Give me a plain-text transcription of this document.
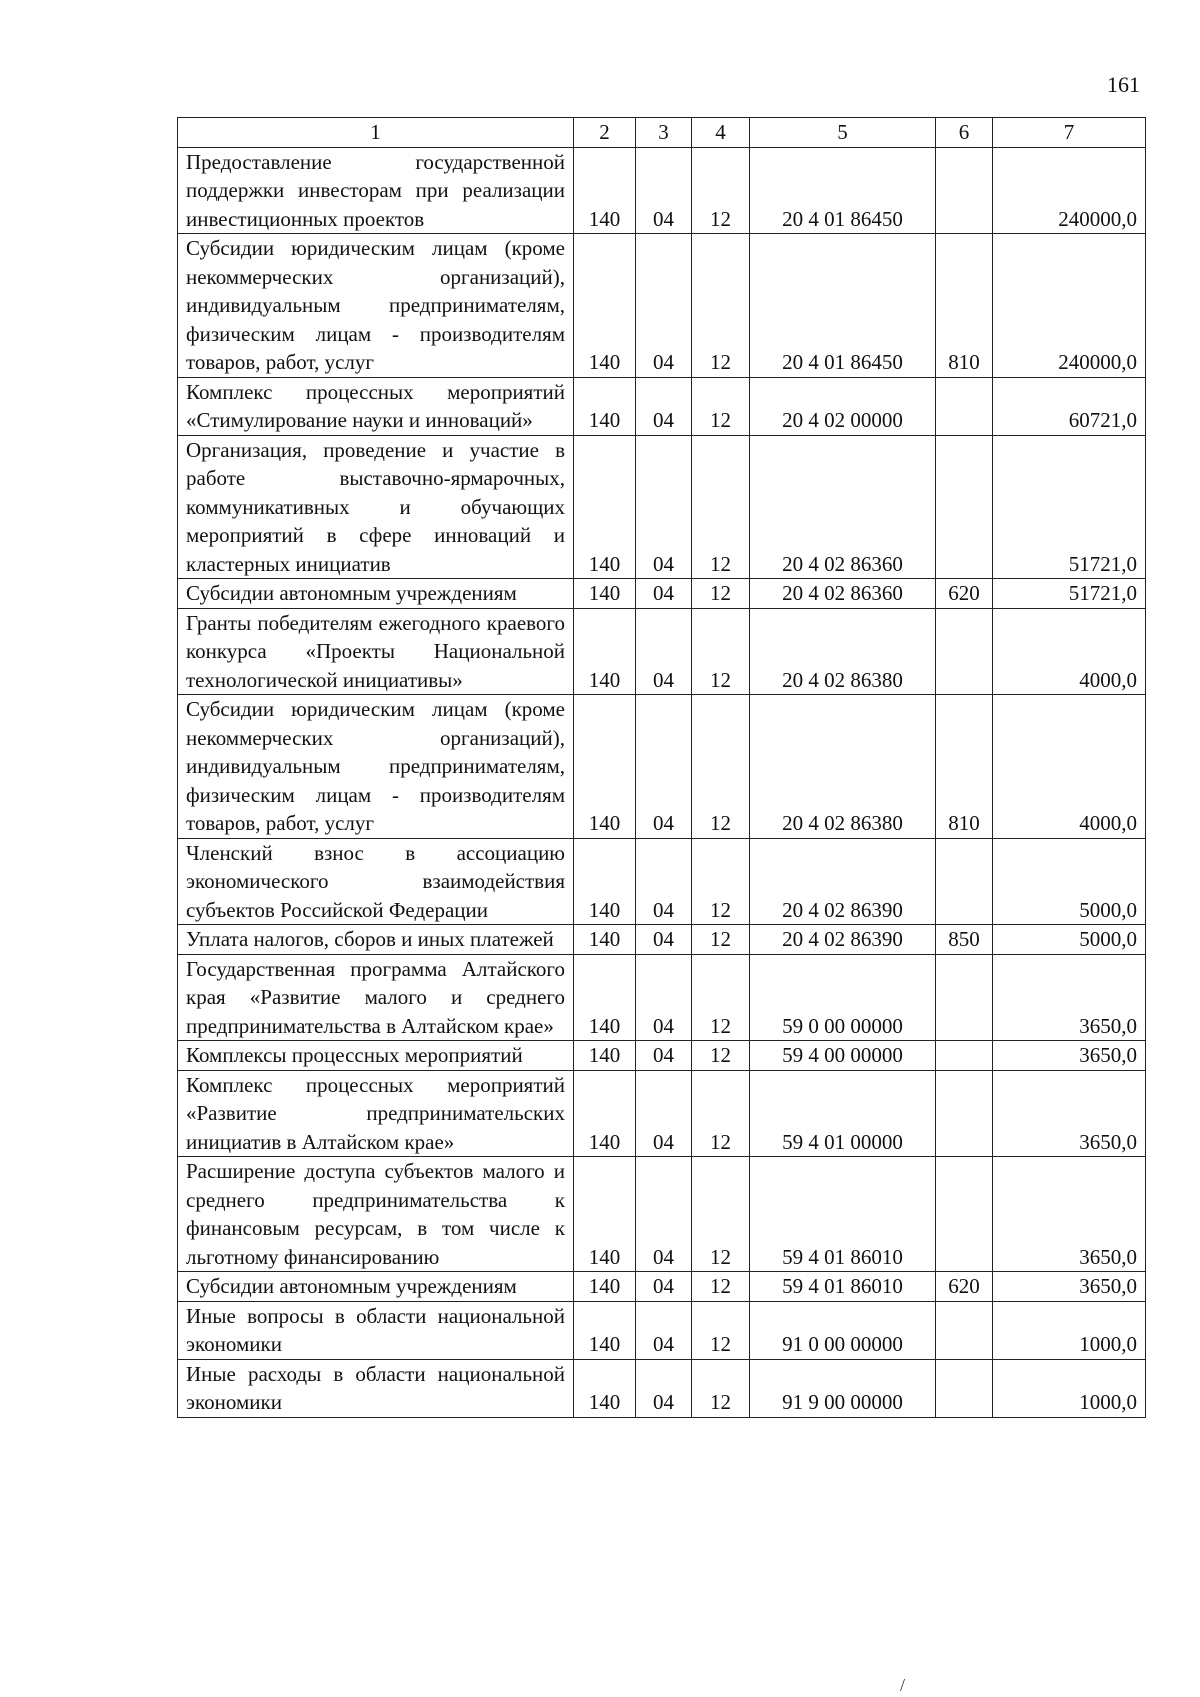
161
1	2	3	4	5	6	7
Предоставление государственной поддержки инвесторам при реализации инвестиционных проектов	140	04	12	20 4 01 86450		240000,0
Субсидии юридическим лицам (кроме некоммерческих организаций), индивидуальным предпринимателям, физическим лицам - производителям товаров, работ, услуг	140	04	12	20 4 01 86450	810	240000,0
Комплекс процессных мероприятий «Стимулирование науки и инноваций»	140	04	12	20 4 02 00000		60721,0
Организация, проведение и участие в работе выставочно-ярмарочных, коммуникативных и обучающих мероприятий в сфере инноваций и кластерных инициатив	140	04	12	20 4 02 86360		51721,0
Субсидии автономным учреждениям	140	04	12	20 4 02 86360	620	51721,0
Гранты победителям ежегодного краевого конкурса «Проекты Национальной технологической инициативы»	140	04	12	20 4 02 86380		4000,0
Субсидии юридическим лицам (кроме некоммерческих организаций), индивидуальным предпринимателям, физическим лицам - производителям товаров, работ, услуг	140	04	12	20 4 02 86380	810	4000,0
Членский взнос в ассоциацию экономического взаимодействия субъектов Российской Федерации	140	04	12	20 4 02 86390		5000,0
Уплата налогов, сборов и иных платежей	140	04	12	20 4 02 86390	850	5000,0
Государственная программа Алтайского края «Развитие малого и среднего предпринимательства в Алтайском крае»	140	04	12	59 0 00 00000		3650,0
Комплексы процессных мероприятий	140	04	12	59 4 00 00000		3650,0
Комплекс процессных мероприятий «Развитие предпринимательских инициатив в Алтайском крае»	140	04	12	59 4 01 00000		3650,0
Расширение доступа субъектов малого и среднего предпринимательства к финансовым ресурсам, в том числе к льготному финансированию	140	04	12	59 4 01 86010		3650,0
Субсидии автономным учреждениям	140	04	12	59 4 01 86010	620	3650,0
Иные вопросы в области национальной экономики	140	04	12	91 0 00 00000		1000,0
Иные расходы в области национальной экономики	140	04	12	91 9 00 00000		1000,0
/
